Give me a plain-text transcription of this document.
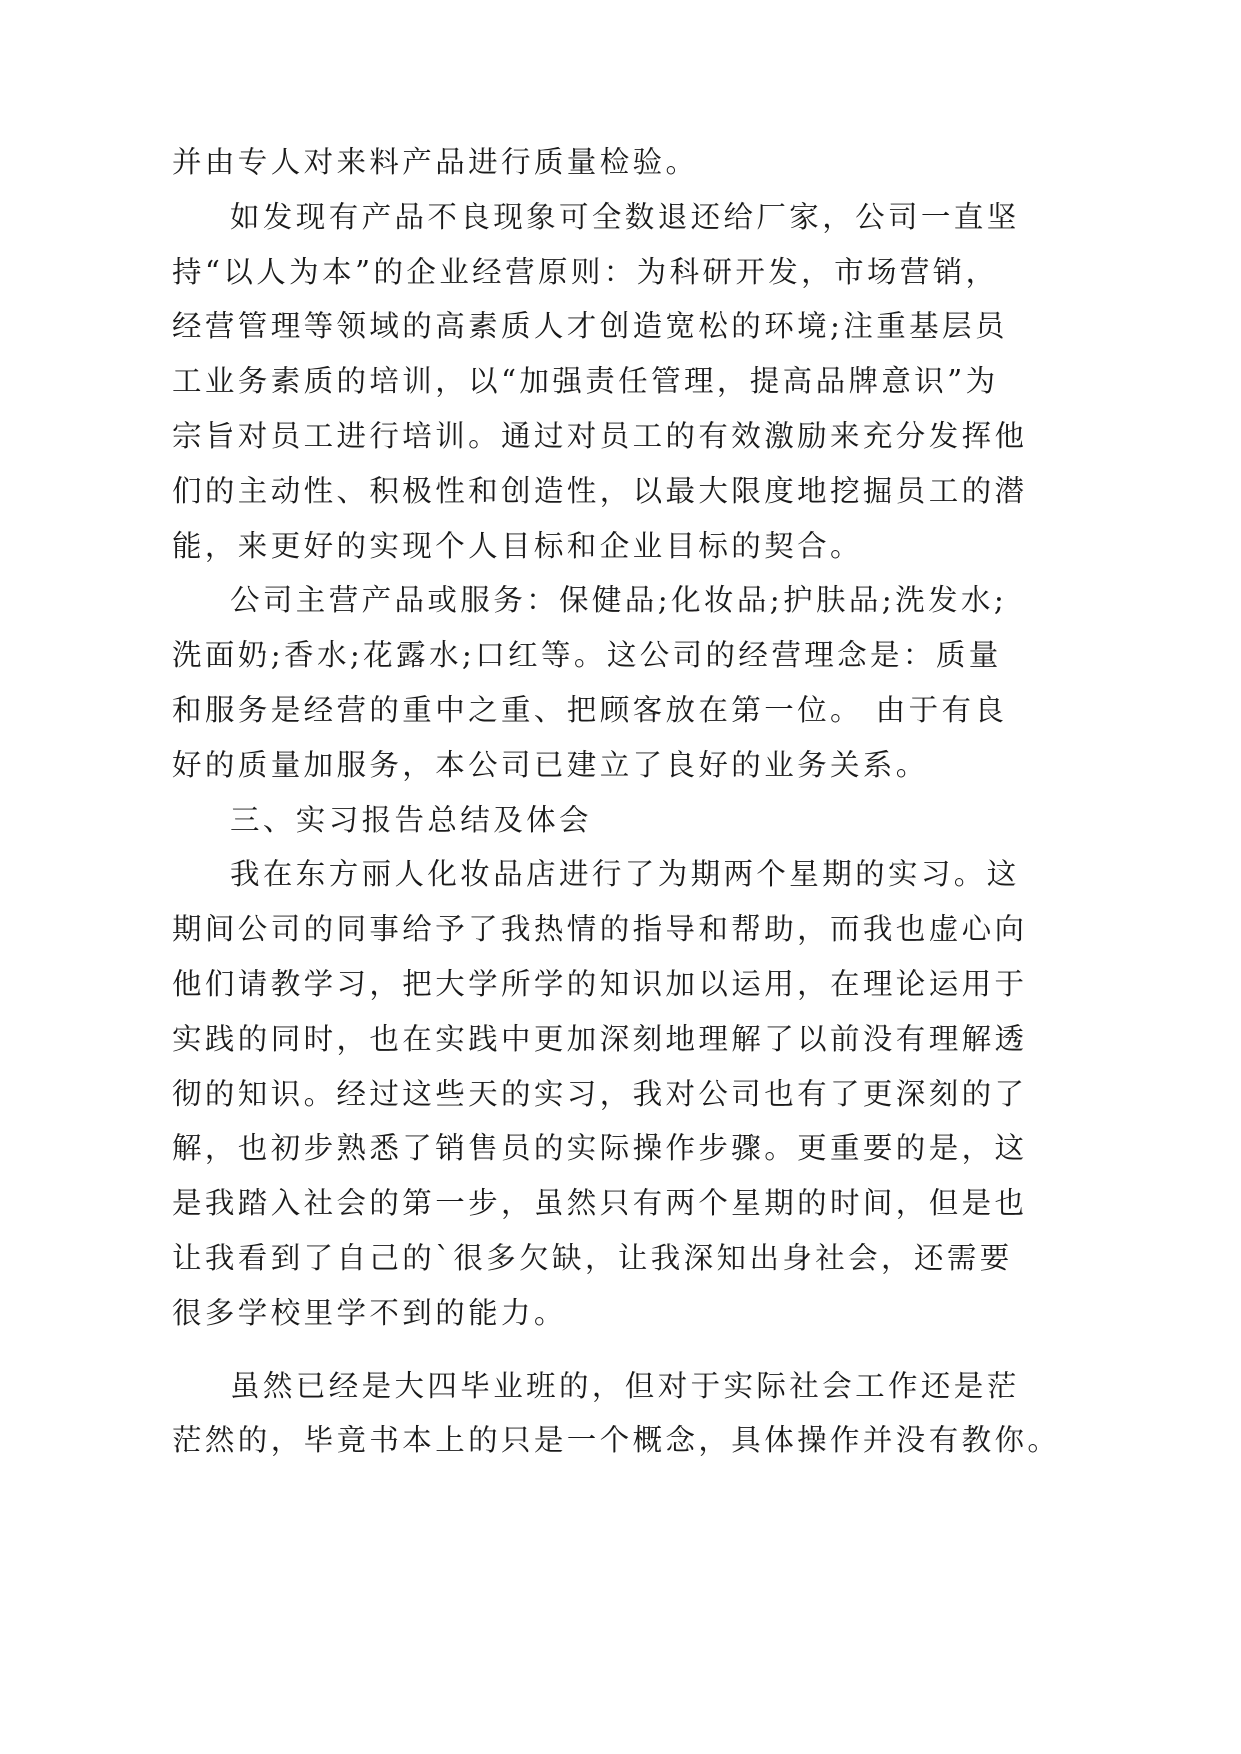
并由专人对来料产品进行质量检验。
如发现有产品不良现象可全数退还给厂家，公司一直坚
持“以人为本”的企业经营原则：为科研开发，市场营销，
经营管理等领域的高素质人才创造宽松的环境;注重基层员
工业务素质的培训，以“加强责任管理，提高品牌意识”为
宗旨对员工进行培训。通过对员工的有效激励来充分发挥他
们的主动性、积极性和创造性，以最大限度地挖掘员工的潜
能，来更好的实现个人目标和企业目标的契合。
公司主营产品或服务：保健品;化妆品;护肤品;洗发水;
洗面奶;香水;花露水;口红等。这公司的经营理念是：质量
和服务是经营的重中之重、把顾客放在第一位。 由于有良
好的质量加服务，本公司已建立了良好的业务关系。
三、实习报告总结及体会
我在东方丽人化妆品店进行了为期两个星期的实习。这
期间公司的同事给予了我热情的指导和帮助，而我也虚心向
他们请教学习，把大学所学的知识加以运用，在理论运用于
实践的同时，也在实践中更加深刻地理解了以前没有理解透
彻的知识。经过这些天的实习，我对公司也有了更深刻的了
解，也初步熟悉了销售员的实际操作步骤。更重要的是，这
是我踏入社会的第一步，虽然只有两个星期的时间，但是也
让我看到了自己的`很多欠缺，让我深知出身社会，还需要
很多学校里学不到的能力。
虽然已经是大四毕业班的，但对于实际社会工作还是茫
茫然的，毕竟书本上的只是一个概念，具体操作并没有教你。
